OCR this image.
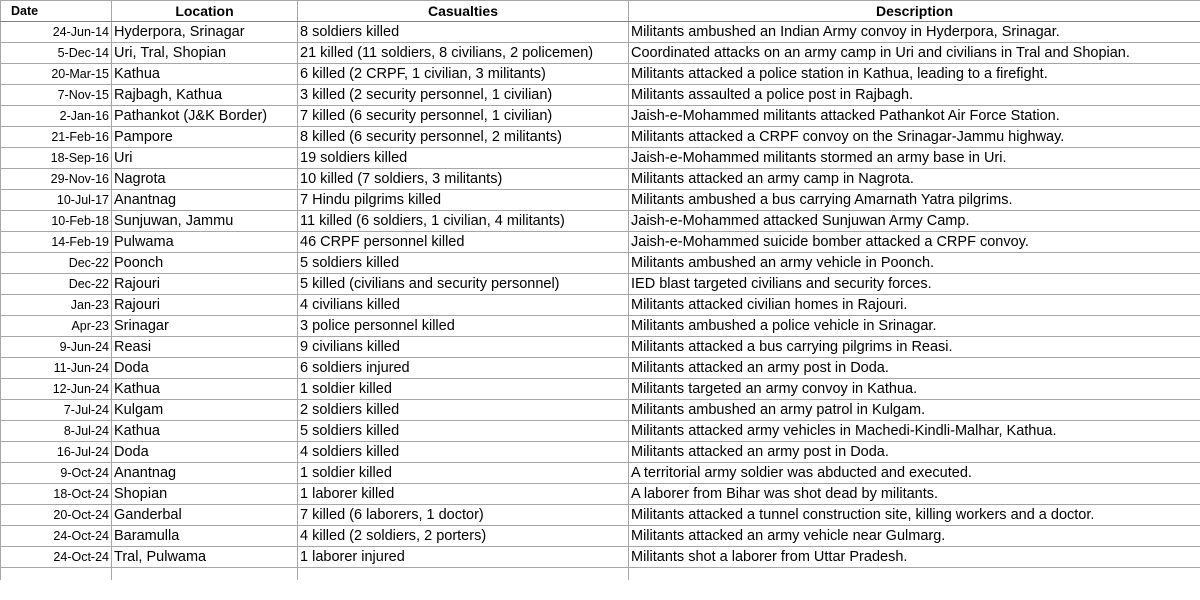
Date	Location	Casualties	Description
24-Jun-14	Hyderpora, Srinagar	8 soldiers killed	Militants ambushed an Indian Army convoy in Hyderpora, Srinagar.
5-Dec-14	Uri, Tral, Shopian	21 killed (11 soldiers, 8 civilians, 2 policemen)	Coordinated attacks on an army camp in Uri and civilians in Tral and Shopian.
20-Mar-15	Kathua	6 killed (2 CRPF, 1 civilian, 3 militants)	Militants attacked a police station in Kathua, leading to a firefight.
7-Nov-15	Rajbagh, Kathua	3 killed (2 security personnel, 1 civilian)	Militants assaulted a police post in Rajbagh.
2-Jan-16	Pathankot (J&K Border)	7 killed (6 security personnel, 1 civilian)	Jaish-e-Mohammed militants attacked Pathankot Air Force Station.
21-Feb-16	Pampore	8 killed (6 security personnel, 2 militants)	Militants attacked a CRPF convoy on the Srinagar-Jammu highway.
18-Sep-16	Uri	19 soldiers killed	Jaish-e-Mohammed militants stormed an army base in Uri.
29-Nov-16	Nagrota	10 killed (7 soldiers, 3 militants)	Militants attacked an army camp in Nagrota.
10-Jul-17	Anantnag	7 Hindu pilgrims killed	Militants ambushed a bus carrying Amarnath Yatra pilgrims.
10-Feb-18	Sunjuwan, Jammu	11 killed (6 soldiers, 1 civilian, 4 militants)	Jaish-e-Mohammed attacked Sunjuwan Army Camp.
14-Feb-19	Pulwama	46 CRPF personnel killed	Jaish-e-Mohammed suicide bomber attacked a CRPF convoy.
Dec-22	Poonch	5 soldiers killed	Militants ambushed an army vehicle in Poonch.
Dec-22	Rajouri	5 killed (civilians and security personnel)	IED blast targeted civilians and security forces.
Jan-23	Rajouri	4 civilians killed	Militants attacked civilian homes in Rajouri.
Apr-23	Srinagar	3 police personnel killed	Militants ambushed a police vehicle in Srinagar.
9-Jun-24	Reasi	9 civilians killed	Militants attacked a bus carrying pilgrims in Reasi.
11-Jun-24	Doda	6 soldiers injured	Militants attacked an army post in Doda.
12-Jun-24	Kathua	1 soldier killed	Militants targeted an army convoy in Kathua.
7-Jul-24	Kulgam	2 soldiers killed	Militants ambushed an army patrol in Kulgam.
8-Jul-24	Kathua	5 soldiers killed	Militants attacked army vehicles in Machedi-Kindli-Malhar, Kathua.
16-Jul-24	Doda	4 soldiers killed	Militants attacked an army post in Doda.
9-Oct-24	Anantnag	1 soldier killed	A territorial army soldier was abducted and executed.
18-Oct-24	Shopian	1 laborer killed	A laborer from Bihar was shot dead by militants.
20-Oct-24	Ganderbal	7 killed (6 laborers, 1 doctor)	Militants attacked a tunnel construction site, killing workers and a doctor.
24-Oct-24	Baramulla	4 killed (2 soldiers, 2 porters)	Militants attacked an army vehicle near Gulmarg.
24-Oct-24	Tral, Pulwama	1 laborer injured	Militants shot a laborer from Uttar Pradesh.
